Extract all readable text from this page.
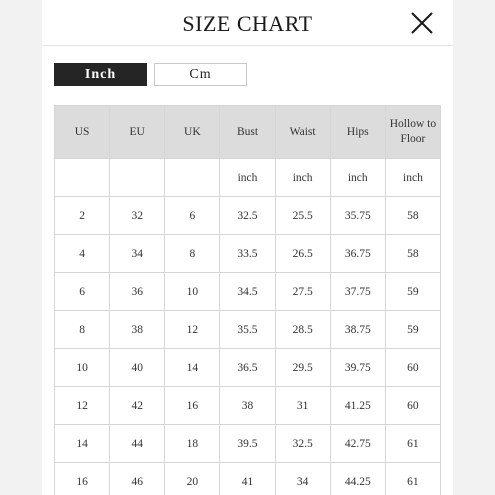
SIZE CHART
Inch	Cm
US	EU	UK	Bust	Waist	Hips	Hollow to Floor
			inch	inch	inch	inch
2	32	6	32.5	25.5	35.75	58
4	34	8	33.5	26.5	36.75	58
6	36	10	34.5	27.5	37.75	59
8	38	12	35.5	28.5	38.75	59
10	40	14	36.5	29.5	39.75	60
12	42	16	38	31	41.25	60
14	44	18	39.5	32.5	42.75	61
16	46	20	41	34	44.25	61
